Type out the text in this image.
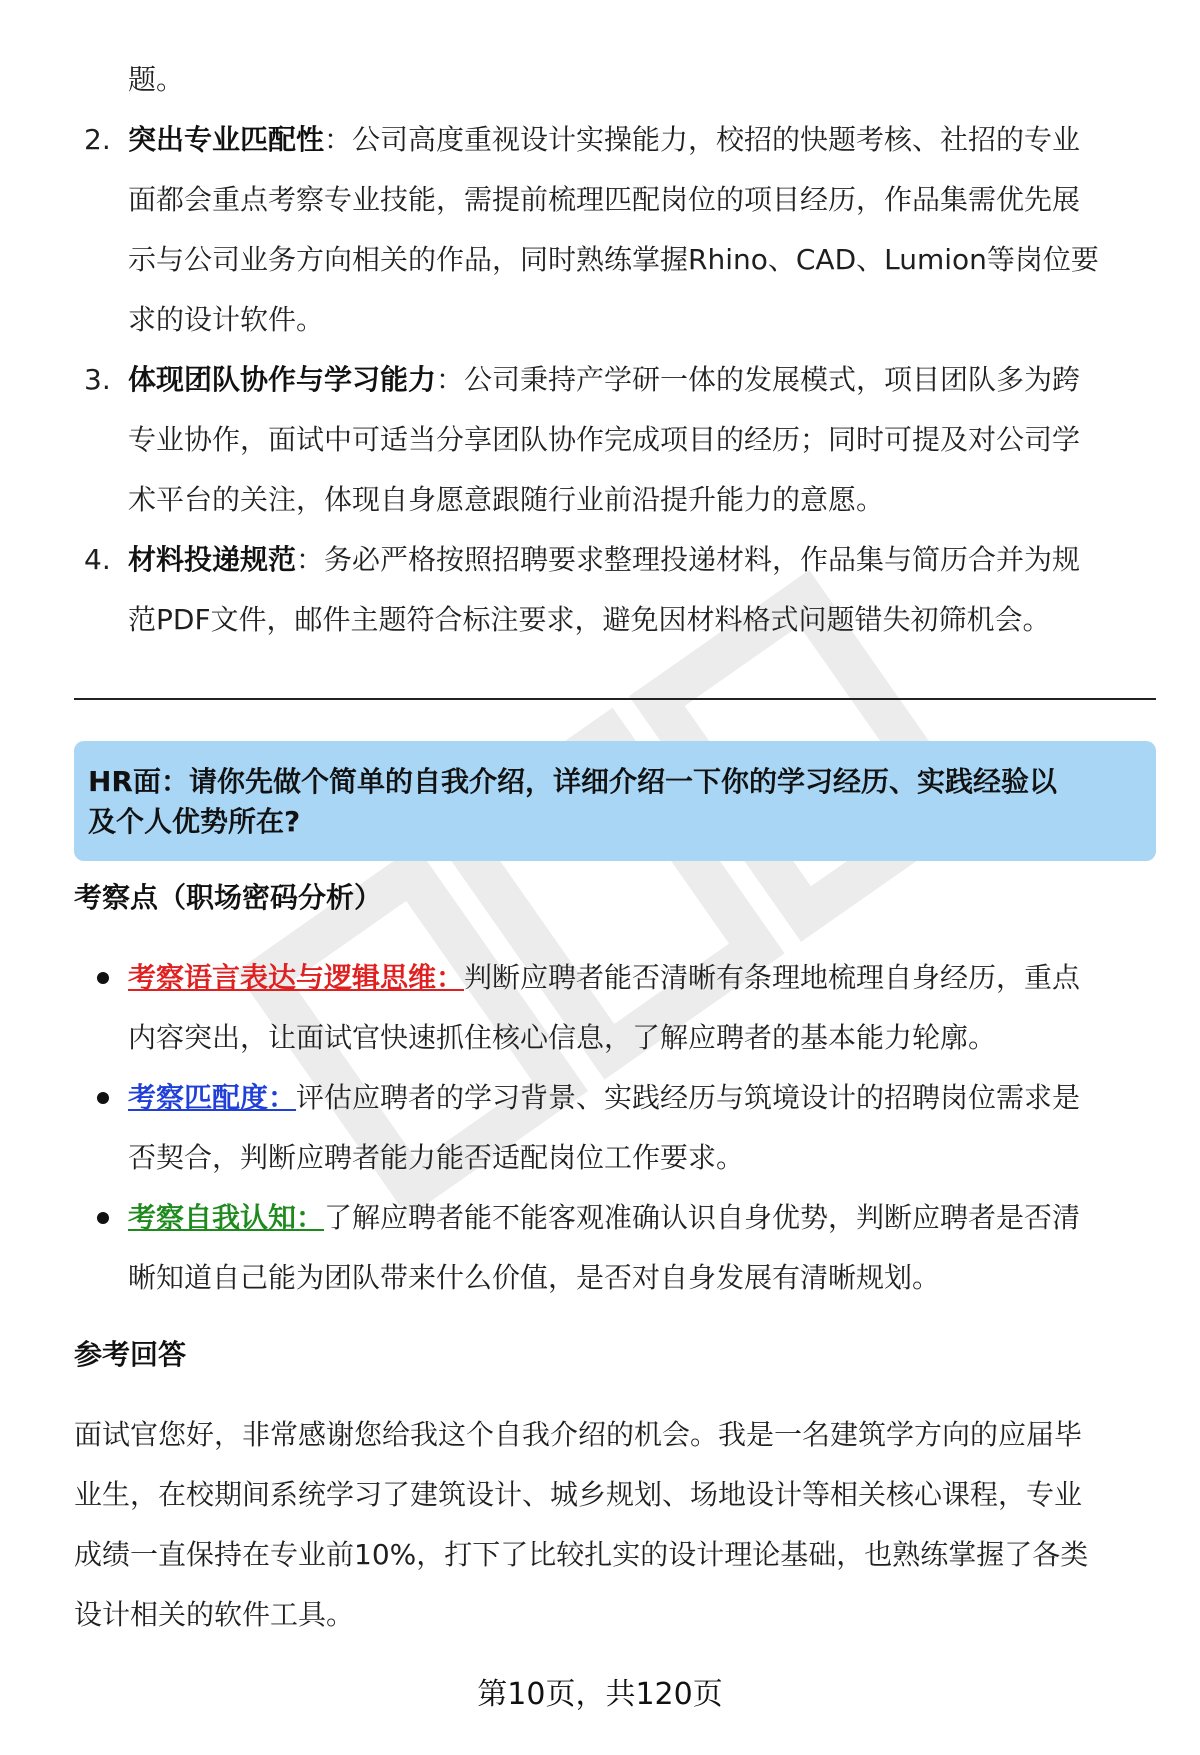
题。
2. 突出专业匹配性：公司高度重视设计实操能力，校招的快题考核、社招的专业
面都会重点考察专业技能，需提前梳理匹配岗位的项目经历，作品集需优先展
示与公司业务方向相关的作品，同时熟练掌握Rhino、CAD、Lumion等岗位要
求的设计软件。
3. 体现团队协作与学习能力：公司秉持产学研一体的发展模式，项目团队多为跨
专业协作，面试中可适当分享团队协作完成项目的经历；同时可提及对公司学
术平台的关注，体现自身愿意跟随行业前沿提升能力的意愿。
4. 材料投递规范：务必严格按照招聘要求整理投递材料，作品集与简历合并为规
范PDF文件，邮件主题符合标注要求，避免因材料格式问题错失初筛机会。
HR面：请你先做个简单的自我介绍，详细介绍一下你的学习经历、实践经验以
及个人优势所在?
考察点（职场密码分析）
考察语言表达与逻辑思维：判断应聘者能否清晰有条理地梳理自身经历，重点
内容突出，让面试官快速抓住核心信息，了解应聘者的基本能力轮廓。
考察匹配度：评估应聘者的学习背景、实践经历与筑境设计的招聘岗位需求是
否契合，判断应聘者能力能否适配岗位工作要求。
考察自我认知：了解应聘者能不能客观准确认识自身优势，判断应聘者是否清
晰知道自己能为团队带来什么价值，是否对自身发展有清晰规划。
参考回答
面试官您好，非常感谢您给我这个自我介绍的机会。我是一名建筑学方向的应届毕
业生，在校期间系统学习了建筑设计、城乡规划、场地设计等相关核心课程，专业
成绩一直保持在专业前10%，打下了比较扎实的设计理论基础，也熟练掌握了各类
设计相关的软件工具。
第10页，共120页
